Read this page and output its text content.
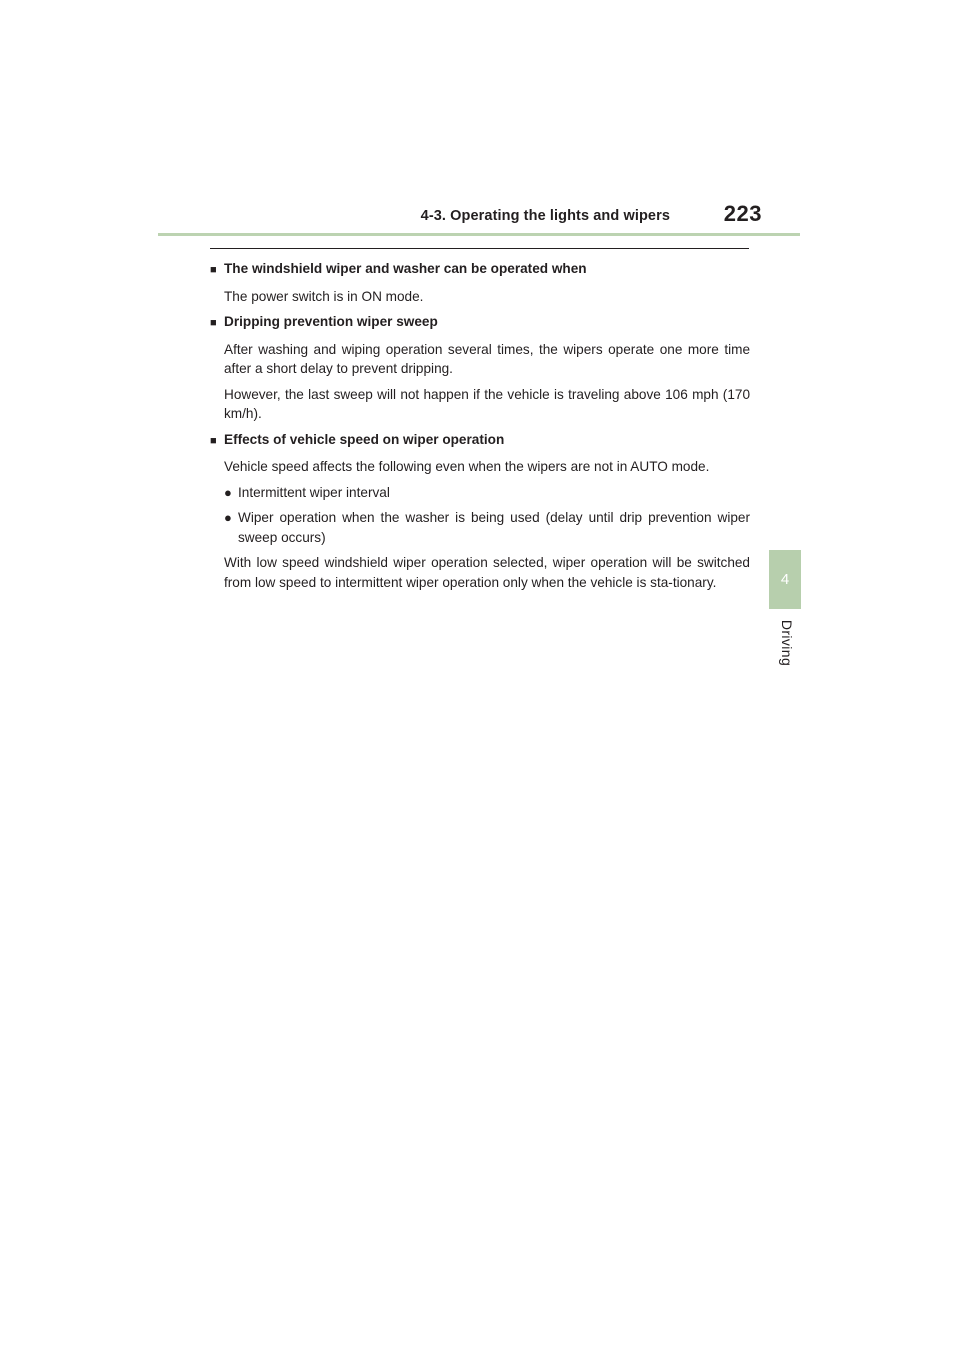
4-3. Operating the lights and wipers	223
4
Driving

■ The windshield wiper and washer can be operated when

The power switch is in ON mode.

■ Dripping prevention wiper sweep

After washing and wiping operation several times, the wipers operate one more time after a short delay to prevent dripping.

However, the last sweep will not happen if the vehicle is traveling above 106 mph (170 km/h).

■ Effects of vehicle speed on wiper operation

Vehicle speed affects the following even when the wipers are not in AUTO mode.

● Intermittent wiper interval
● Wiper operation when the washer is being used (delay until drip prevention wiper sweep occurs)

With low speed windshield wiper operation selected, wiper operation will be switched from low speed to intermittent wiper operation only when the vehicle is sta-tionary.
